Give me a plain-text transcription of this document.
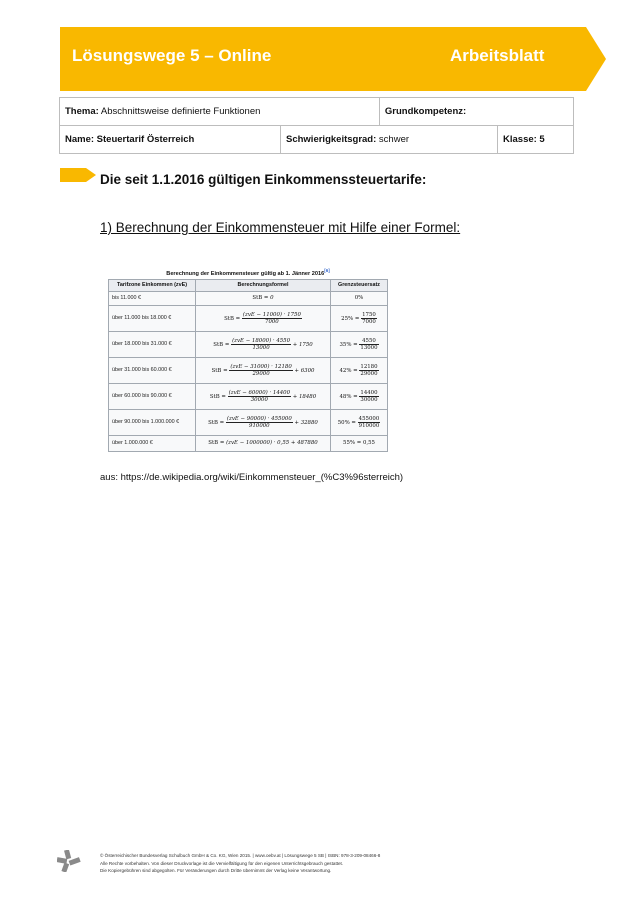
Lösungswege 5 – Online	Arbeitsblatt
Thema: Abschnittsweise definierte Funktionen		Grundkompetenz:	
Name: Steuertarif Österreich	Schwierigkeitsgrad: schwer		Klasse: 5
Die seit 1.1.2016 gültigen Einkommenssteuertarife:
1) Berechnung der Einkommensteuer mit Hilfe einer Formel:
Berechnung der Einkommensteuer gültig ab 1. Jänner 2016[6]
Tarifzone Einkommen (zvE)	Berechnungsformel	Grenzsteuersatz
bis 11.000 €	StB = 0	0%
über 11.000 bis 18.000 €	StB = $\frac{\text{(zvE − 11000) · 1750}}{7000}$	$25\% = \frac{1750}{7000}$

über 18.000 bis 31.000 €	StB = $\frac{\text{(zvE − 18000) · 4550}}{13000} + 1750$	$35\% = \frac{4550}{13000}$

über 31.000 bis 60.000 €	StB = $\frac{\text{(zvE − 31000) · 12180}}{29000} + 6300$	$42\% = \frac{12180}{29000}$

über 60.000 bis 90.000 €	StB = $\frac{\text{(zvE − 60000) · 14400}}{30000} + 18480$	$48\% = \frac{14400}{30000}$

über 90.000 bis 1.000.000 €	StB = $\frac{\text{(zvE − 90000) · 455000}}{910000} + 32880$	$50\% = \frac{455000}{910000}$

über 1.000.000 €	StB = (zvE − 1000000) · 0,55 + 487880	55% = 0,55
aus: https://de.wikipedia.org/wiki/Einkommensteuer_(%C3%96sterreich)
© Österreichischer Bundesverlag Schulbuch GmbH & Co. KG, Wien 2015. | www.oebv.at | Lösungswege 5 SB | ISBN: 978-3-209-08466-8
Alle Rechte vorbehalten. Von dieser Druckvorlage ist die Vervielfältigung für den eigenen Unterrichtsgebrauch gestattet.
Die Kopiergebühren sind abgegolten. Für Veränderungen durch Dritte übernimmt der Verlag keine Verantwortung.
